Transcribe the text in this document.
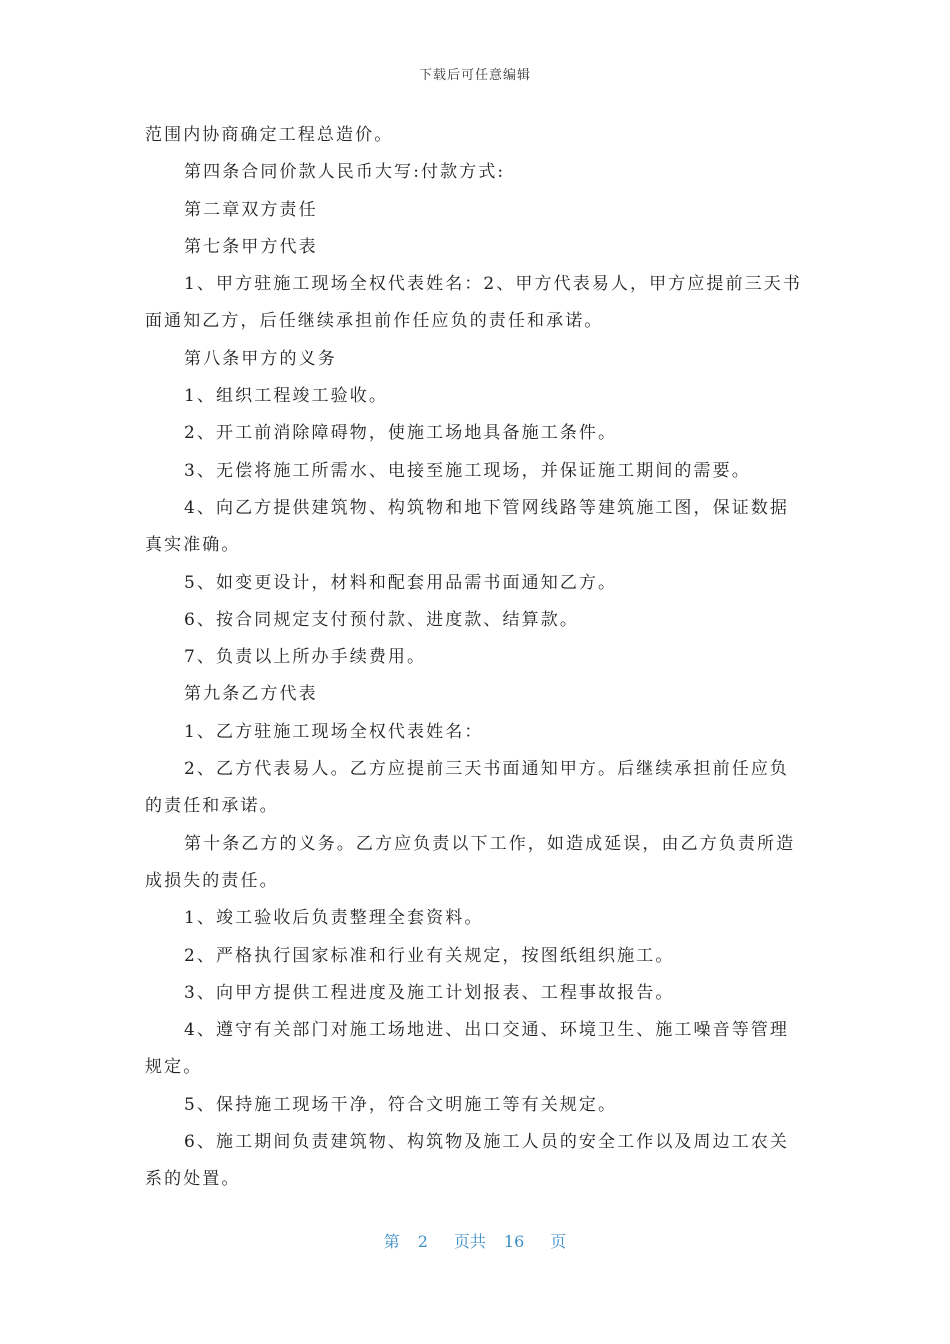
下载后可任意编辑

范围内协商确定工程总造价。

第四条合同价款人民币大写:付款方式:

第二章双方责任

第七条甲方代表

1、甲方驻施工现场全权代表姓名：2、甲方代表易人，甲方应提前三天书面通知乙方，后任继续承担前作任应负的责任和承诺。

第八条甲方的义务

1、组织工程竣工验收。

2、开工前消除障碍物，使施工场地具备施工条件。

3、无偿将施工所需水、电接至施工现场，并保证施工期间的需要。

4、向乙方提供建筑物、构筑物和地下管网线路等建筑施工图，保证数据真实准确。

5、如变更设计，材料和配套用品需书面通知乙方。

6、按合同规定支付预付款、进度款、结算款。

7、负责以上所办手续费用。

第九条乙方代表

1、乙方驻施工现场全权代表姓名：

2、乙方代表易人。乙方应提前三天书面通知甲方。后继续承担前任应负的责任和承诺。

第十条乙方的义务。乙方应负责以下工作，如造成延误，由乙方负责所造成损失的责任。

1、竣工验收后负责整理全套资料。

2、严格执行国家标准和行业有关规定，按图纸组织施工。

3、向甲方提供工程进度及施工计划报表、工程事故报告。

4、遵守有关部门对施工场地进、出口交通、环境卫生、施工噪音等管理规定。

5、保持施工现场干净，符合文明施工等有关规定。

6、施工期间负责建筑物、构筑物及施工人员的安全工作以及周边工农关系的处置。

第 2 页共 16 页
